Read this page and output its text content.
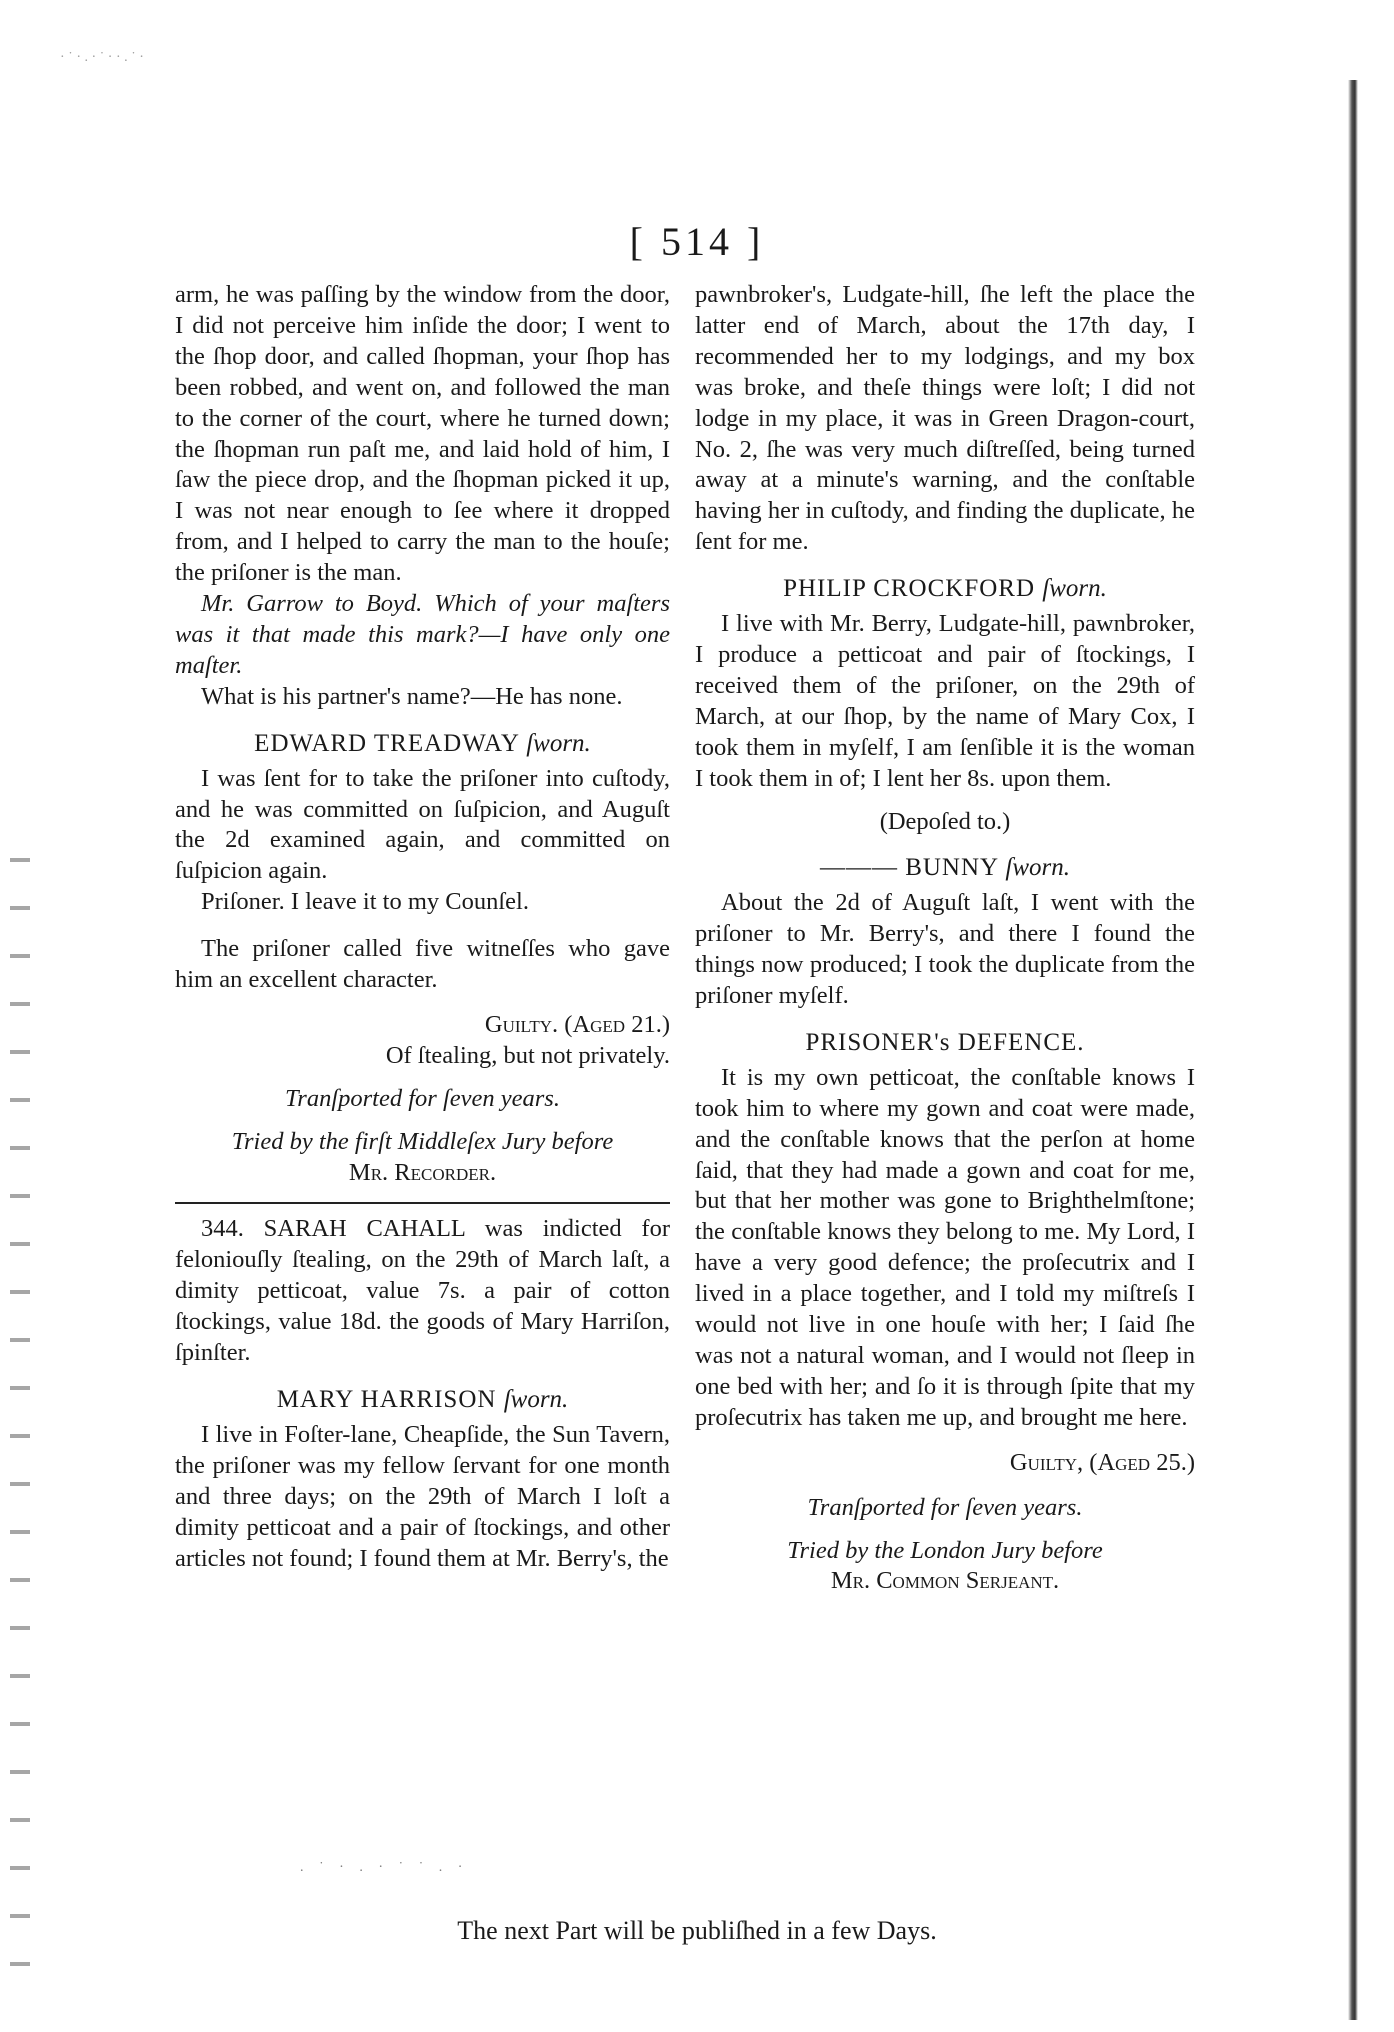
· ˙ · . · ˙ · · . ˙ ·
[ 514 ]

arm, he was paſſing by the window from the door, I did not perceive him inſide the door; I went to the ſhop door, and called ſhopman, your ſhop has been robbed, and went on, and followed the man to the corner of the court, where he turned down; the ſhopman run paſt me, and laid hold of him, I ſaw the piece drop, and the ſhopman picked it up, I was not near enough to ſee where it dropped from, and I helped to carry the man to the houſe; the priſoner is the man.

Mr. Garrow to Boyd. Which of your maſters was it that made this mark?—I have only one maſter.

What is his partner's name?—He has none.

EDWARD TREADWAY ſworn.

I was ſent for to take the priſoner into cuſtody, and he was committed on ſuſpicion, and Auguſt the 2d examined again, and committed on ſuſpicion again.

Priſoner. I leave it to my Counſel.

The priſoner called five witneſſes who gave him an excellent character.

Guilty. (Aged 21.)

Of ſtealing, but not privately.

Tranſported for ſeven years.

Tried by the firſt Middleſex Jury before

Mr. Recorder.

344. SARAH CAHALL was indicted for feloniouſly ſtealing, on the 29th of March laſt, a dimity petticoat, value 7s. a pair of cotton ſtockings, value 18d. the goods of Mary Harriſon, ſpinſter.

MARY HARRISON ſworn.

I live in Foſter-lane, Cheapſide, the Sun Tavern, the priſoner was my fellow ſervant for one month and three days; on the 29th of March I loſt a dimity petticoat and a pair of ſtockings, and other articles not found; I found them at Mr. Berry's, the

pawnbroker's, Ludgate-hill, ſhe left the place the latter end of March, about the 17th day, I recommended her to my lodgings, and my box was broke, and theſe things were loſt; I did not lodge in my place, it was in Green Dragon-court, No. 2, ſhe was very much diſtreſſed, being turned away at a minute's warning, and the conſtable having her in cuſtody, and finding the duplicate, he ſent for me.

PHILIP CROCKFORD ſworn.

I live with Mr. Berry, Ludgate-hill, pawnbroker, I produce a petticoat and pair of ſtockings, I received them of the priſoner, on the 29th of March, at our ſhop, by the name of Mary Cox, I took them in myſelf, I am ſenſible it is the woman I took them in of; I lent her 8s. upon them.

(Depoſed to.)

——— BUNNY ſworn.

About the 2d of Auguſt laſt, I went with the priſoner to Mr. Berry's, and there I found the things now produced; I took the duplicate from the priſoner myſelf.

PRISONER's DEFENCE.

It is my own petticoat, the conſtable knows I took him to where my gown and coat were made, and the conſtable knows that the perſon at home ſaid, that they had made a gown and coat for me, but that her mother was gone to Brighthelmſtone; the conſtable knows they belong to me. My Lord, I have a very good defence; the proſecutrix and I lived in a place together, and I told my miſtreſs I would not live in one houſe with her; I ſaid ſhe was not a natural woman, and I would not ſleep in one bed with her; and ſo it is through ſpite that my proſecutrix has taken me up, and brought me here.

Guilty, (Aged 25.)

Tranſported for ſeven years.

Tried by the London Jury before

Mr. Common Serjeant.

. ˙ · . · ˙ ˙ . ·
The next Part will be publiſhed in a few Days.
